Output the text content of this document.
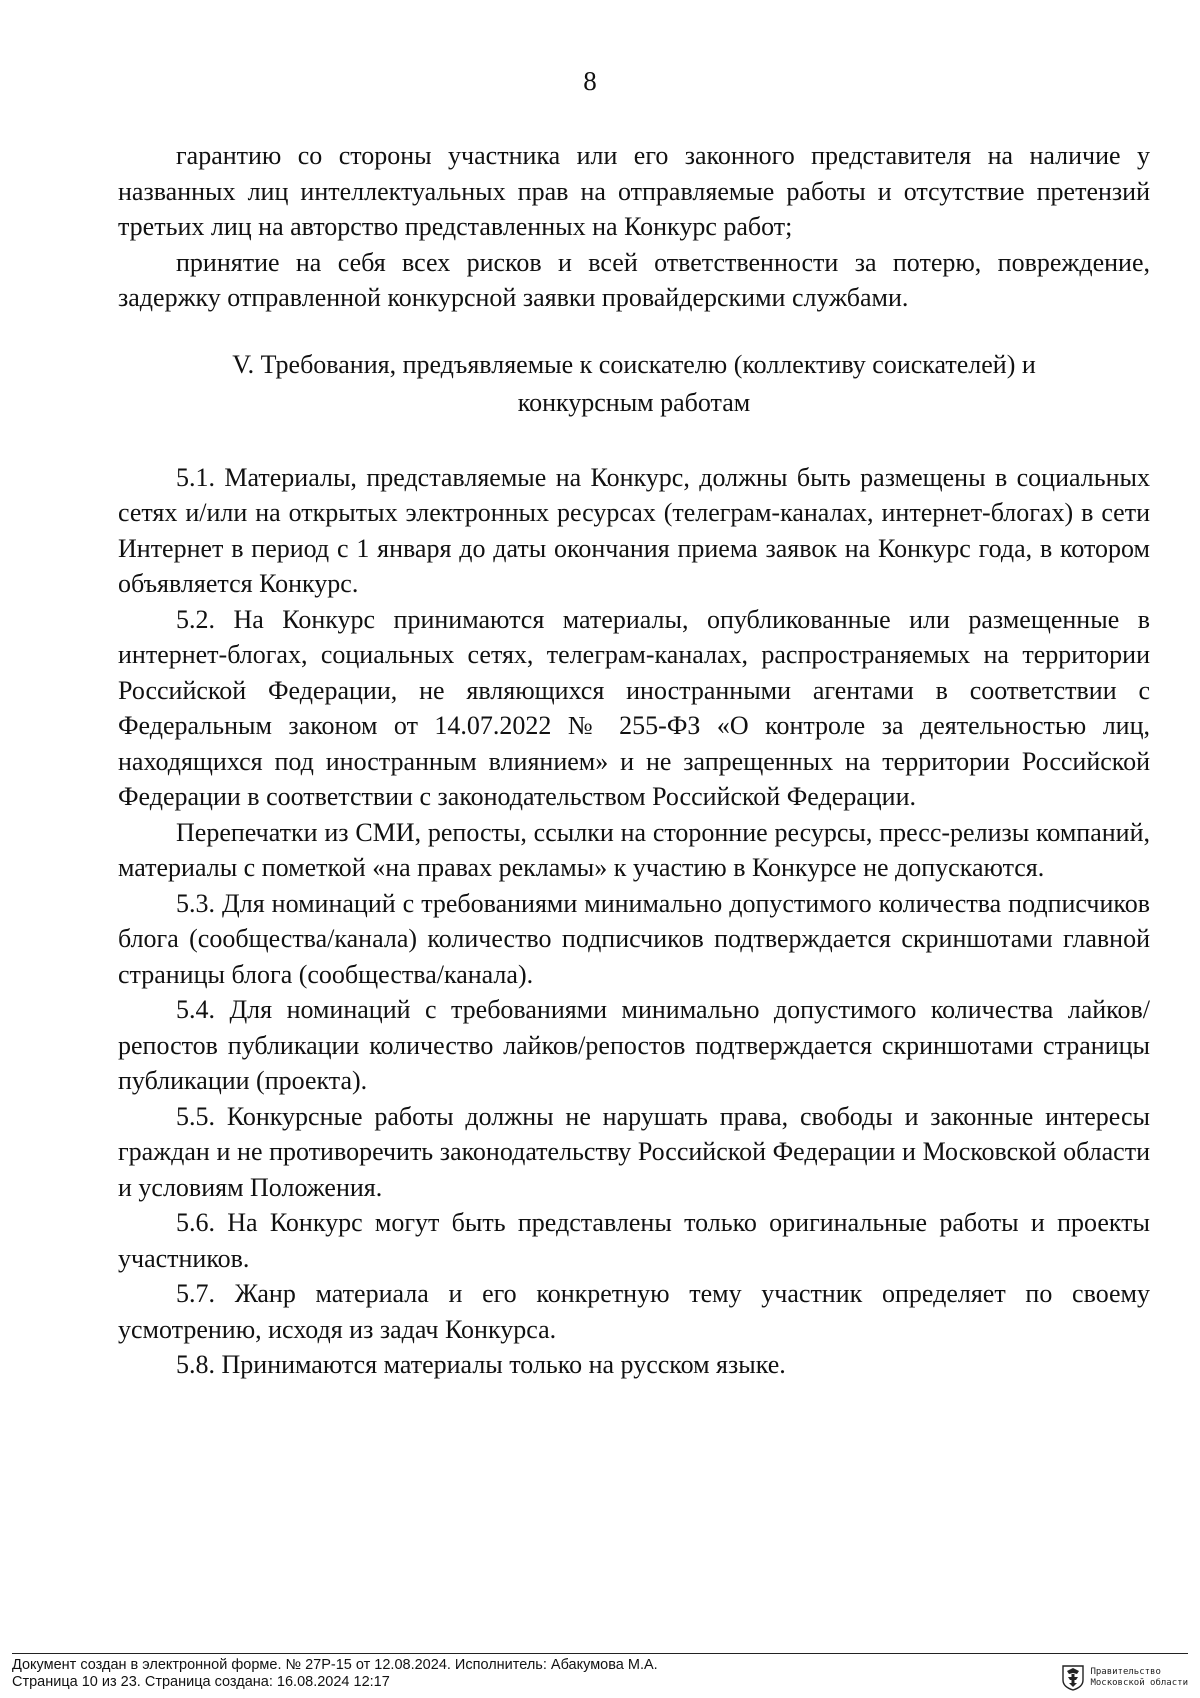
8

гарантию со стороны участника или его законного представителя на наличие у названных лиц интеллектуальных прав на отправляемые работы и отсутствие претензий третьих лиц на авторство представленных на Конкурс работ;

принятие на себя всех рисков и всей ответственности за потерю, повреждение, задержку отправленной конкурсной заявки провайдерскими службами.

V. Требования, предъявляемые к соискателю (коллективу соискателей) и
конкурсным работам

5.1. Материалы, представляемые на Конкурс, должны быть размещены в социальных сетях и/или на открытых электронных ресурсах (телеграм-каналах, интернет-блогах) в сети Интернет в период с 1 января до даты окончания приема заявок на Конкурс года, в котором объявляется Конкурс.

5.2. На Конкурс принимаются материалы, опубликованные или размещенные в интернет-блогах, социальных сетях, телеграм-каналах, распространяемых на территории Российской Федерации, не являющихся иностранными агентами в соответствии с Федеральным законом от 14.07.2022 № 255-ФЗ «О контроле за деятельностью лиц, находящихся под иностранным влиянием» и не запрещенных на территории Российской Федерации в соответствии с законодательством Российской Федерации.

Перепечатки из СМИ, репосты, ссылки на сторонние ресурсы, пресс-релизы компаний, материалы с пометкой «на правах рекламы» к участию в Конкурсе не допускаются.

5.3. Для номинаций с требованиями минимально допустимого количества подписчиков блога (сообщества/канала) количество подписчиков подтверждается скриншотами главной страницы блога (сообщества/канала).

5.4. Для номинаций с требованиями минимально допустимого количества лайков/репостов публикации количество лайков/репостов подтверждается скриншотами страницы публикации (проекта).

5.5. Конкурсные работы должны не нарушать права, свободы и законные интересы граждан и не противоречить законодательству Российской Федерации и Московской области и условиям Положения.

5.6. На Конкурс могут быть представлены только оригинальные работы и проекты участников.

5.7. Жанр материала и его конкретную тему участник определяет по своему усмотрению, исходя из задач Конкурса.

5.8. Принимаются материалы только на русском языке.

Документ создан в электронной форме. № 27Р-15 от 12.08.2024. Исполнитель: Абакумова М.А.
Страница 10 из 23. Страница создана: 16.08.2024 12:17
Правительство
Московской области
